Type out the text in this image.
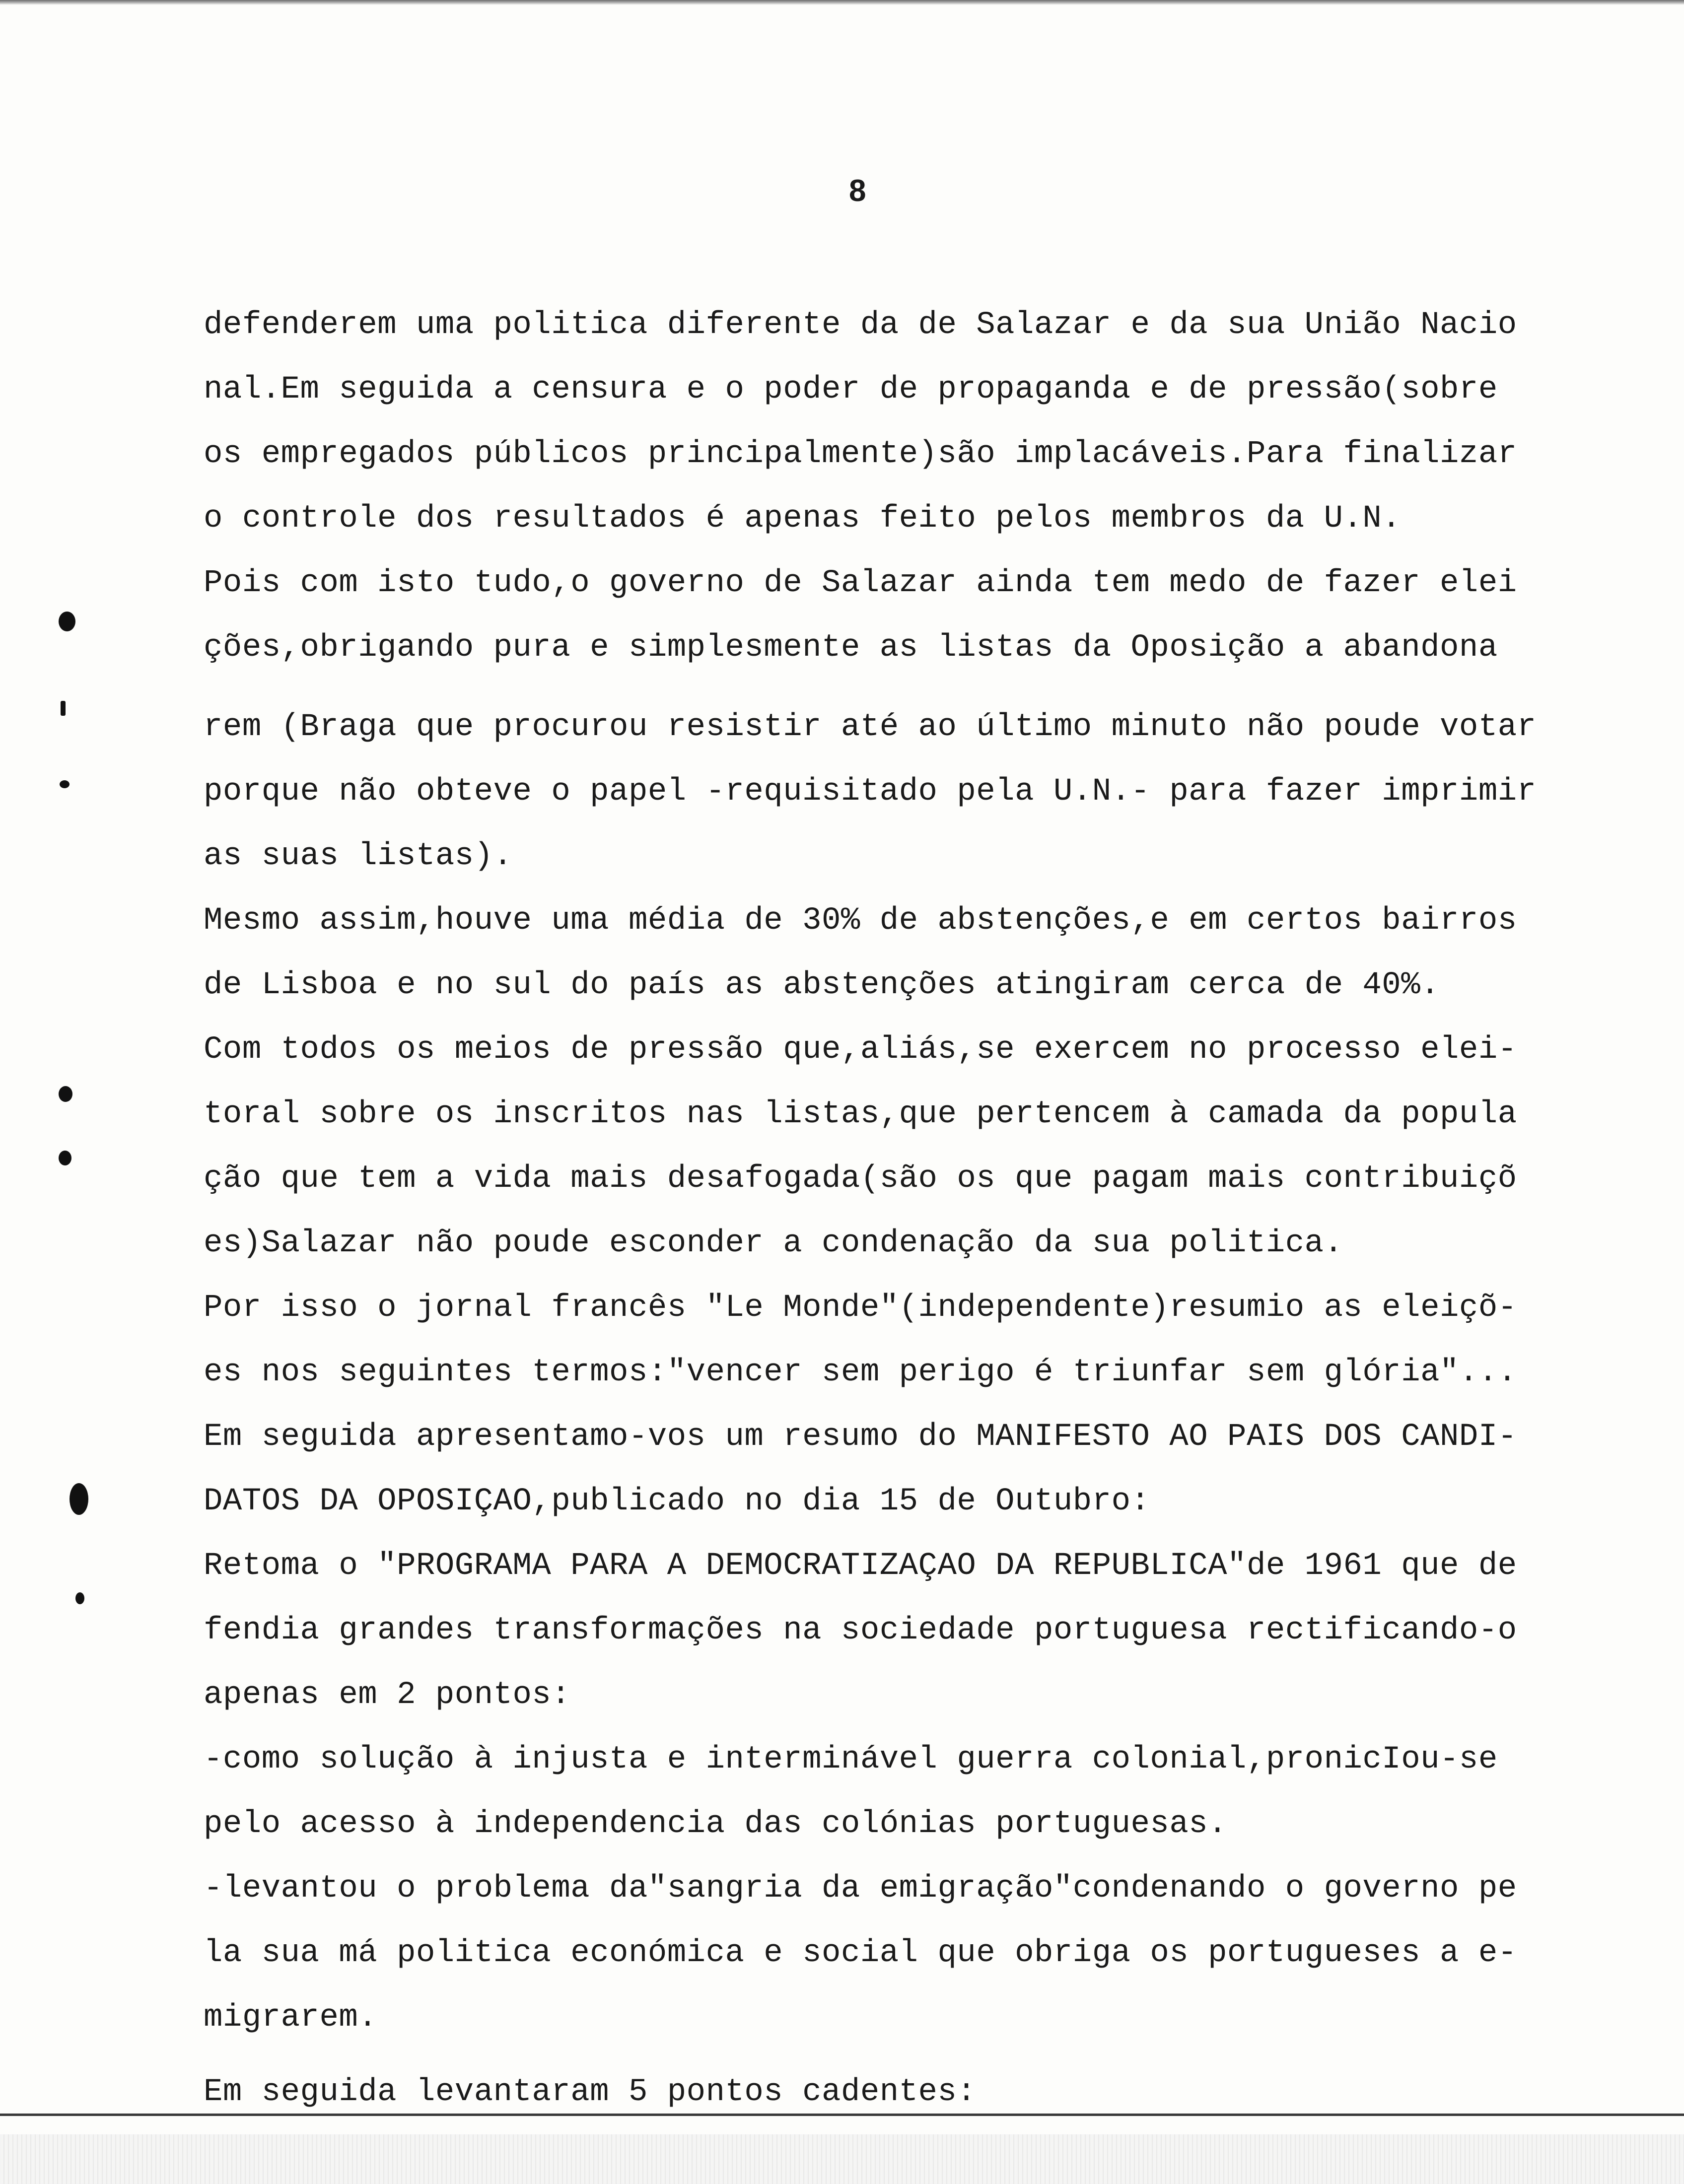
8
defenderem uma politica diferente da de Salazar e da sua União Nacio
nal.Em seguida a censura e o poder de propaganda e de pressão(sobre
os empregados públicos principalmente)são implacáveis.Para finalizar
o controle dos resultados é apenas feito pelos membros da U.N.
Pois com isto tudo,o governo de Salazar ainda tem medo de fazer elei
ções,obrigando pura e simplesmente as listas da Oposição a abandona
rem (Braga que procurou resistir até ao último minuto não poude votar
porque não obteve o papel -requisitado pela U.N.- para fazer imprimir
as suas listas).
Mesmo assim,houve uma média de 30% de abstenções,e em certos bairros
de Lisboa e no sul do país as abstenções atingiram cerca de 40%.
Com todos os meios de pressão que,aliás,se exercem no processo elei-
toral sobre os inscritos nas listas,que pertencem à camada da popula
ção que tem a vida mais desafogada(são os que pagam mais contribuiçõ
es)Salazar não poude esconder a condenação da sua politica.
Por isso o jornal francês "Le Monde"(independente)resumio as eleiçõ-
es nos seguintes termos:"vencer sem perigo é triunfar sem glória"...
Em seguida apresentamo-vos um resumo do MANIFESTO AO PAIS DOS CANDI-
DATOS DA OPOSIÇAO,publicado no dia 15 de Outubro:
Retoma o "PROGRAMA PARA A DEMOCRATIZAÇAO DA REPUBLICA"de 1961 que de
fendia grandes transformações na sociedade portuguesa rectificando-o
apenas em 2 pontos:
-como solução à injusta e interminável guerra colonial,pronicIou-se
pelo acesso à independencia das colónias portuguesas.
-levantou o problema da"sangria da emigração"condenando o governo pe
la sua má politica económica e social que obriga os portugueses a e-
migrarem.
Em seguida levantaram 5 pontos cadentes:
